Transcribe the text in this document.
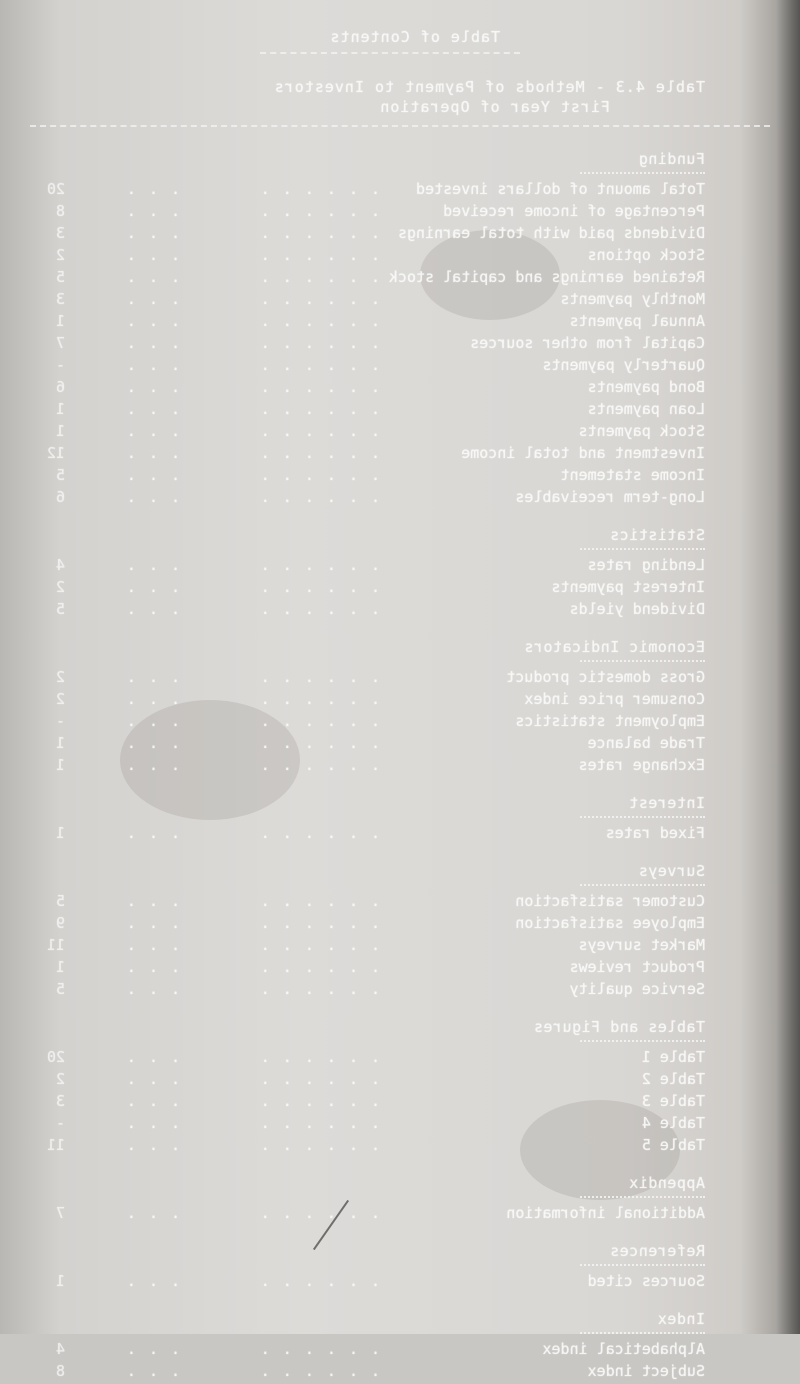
Table of Contents
Table 4.3 - Methods of Payment to Investors
First Year of Operation
Funding
Total amount of dollars invested
. . . . . .
. . .
20
Percentage of income received
. . . . . .
. . .
8
Dividends paid with total earnings
. . . . . .
. . .
3
Stock options
. . . . . .
. . .
2
Retained earnings and capital stock
. . . . . .
. . .
5
Monthly payments
. . . . . .
. . .
3
Annual payments
. . . . . .
. . .
1
Capital from other sources
. . . . . .
. . .
7
Quarterly payments
. . . . . .
. . .
-
Bond payments
. . . . . .
. . .
6
Loan payments
. . . . . .
. . .
1
Stock payments
. . . . . .
. . .
1
Investment and total income
. . . . . .
. . .
12
Income statement
. . . . . .
. . .
5
Long-term receivables
. . . . . .
. . .
6
Statistics
Lending rates
. . . . . .
. . .
4
Interest payments
. . . . . .
. . .
2
Dividend yields
. . . . . .
. . .
5
Economic Indicators
Gross domestic product
. . . . . .
. . .
2
Consumer price index
. . . . . .
. . .
2
Employment statistics
. . . . . .
. . .
-
Trade balance
. . . . . .
. . .
1
Exchange rates
. . . . . .
. . .
1
Interest
Fixed rates
. . . . . .
. . .
1
Surveys
Customer satisfaction
. . . . . .
. . .
5
Employee satisfaction
. . . . . .
. . .
9
Market surveys
. . . . . .
. . .
11
Product reviews
. . . . . .
. . .
1
Service quality
. . . . . .
. . .
5
Tables and Figures
Table 1
. . . . . .
. . .
20
Table 2
. . . . . .
. . .
2
Table 3
. . . . . .
. . .
3
Table 4
. . . . . .
. . .
-
Table 5
. . . . . .
. . .
11
Appendix
Additional information
. . . . . .
. . .
7
References
Sources cited
. . . . . .
. . .
1
Index
Alphabetical index
. . . . . .
. . .
4
Subject index
. . . . . .
. . .
8
